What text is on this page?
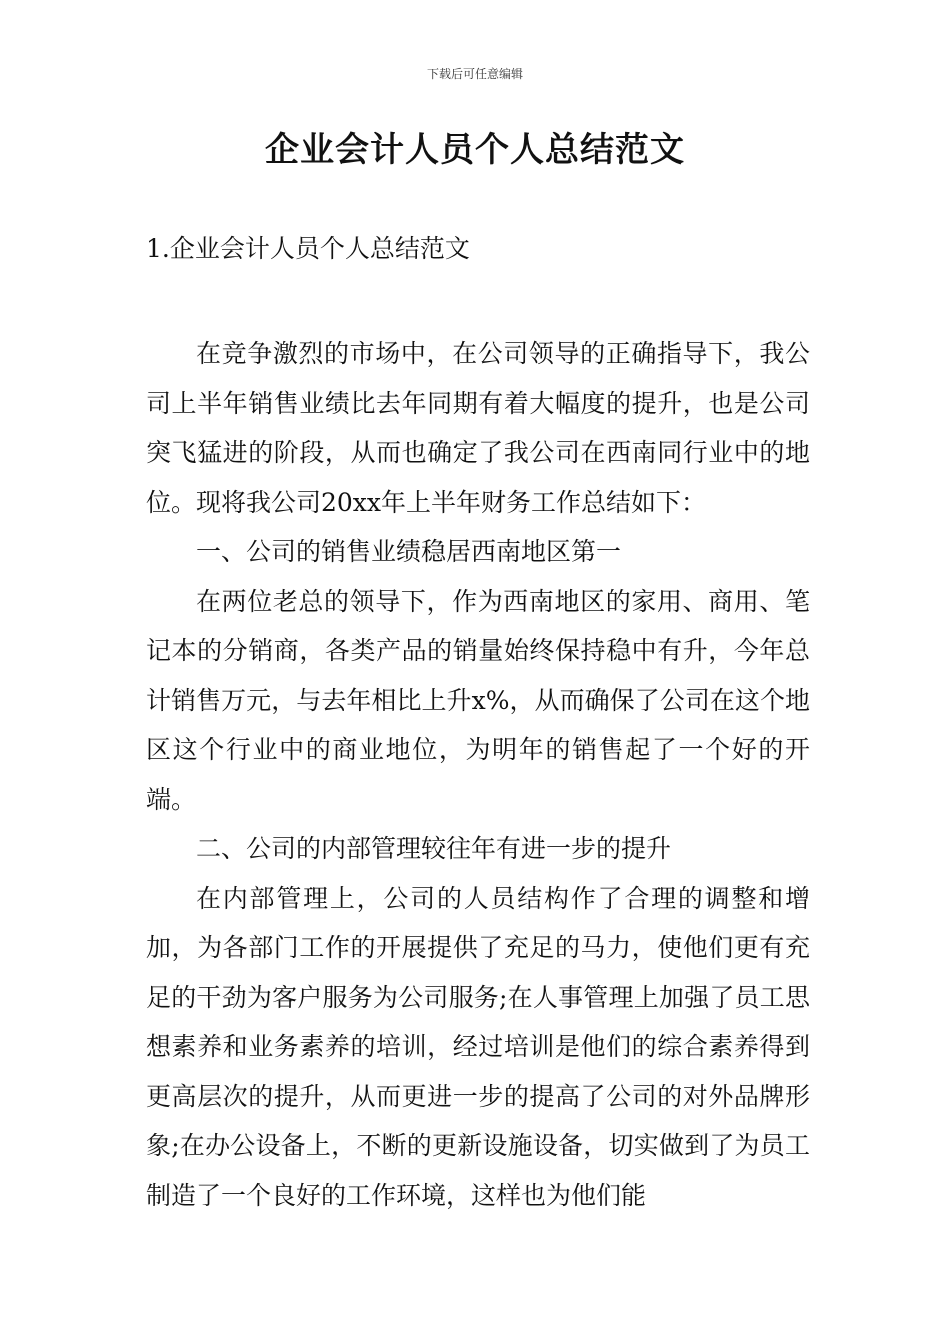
下载后可任意编辑
企业会计人员个人总结范文
1.企业会计人员个人总结范文

在竞争激烈的市场中，在公司领导的正确指导下，我公司上半年销售业绩比去年同期有着大幅度的提升，也是公司突飞猛进的阶段，从而也确定了我公司在西南同行业中的地位。现将我公司20xx年上半年财务工作总结如下：

一、公司的销售业绩稳居西南地区第一

在两位老总的领导下，作为西南地区的家用、商用、笔记本的分销商，各类产品的销量始终保持稳中有升，今年总计销售万元，与去年相比上升x%，从而确保了公司在这个地区这个行业中的商业地位，为明年的销售起了一个好的开端。

二、公司的内部管理较往年有进一步的提升

在内部管理上，公司的人员结构作了合理的调整和增加，为各部门工作的开展提供了充足的马力，使他们更有充足的干劲为客户服务为公司服务;在人事管理上加强了员工思想素养和业务素养的培训，经过培训是他们的综合素养得到更高层次的提升，从而更进一步的提高了公司的对外品牌形象;在办公设备上，不断的更新设施设备，切实做到了为员工制造了一个良好的工作环境，这样也为他们能
